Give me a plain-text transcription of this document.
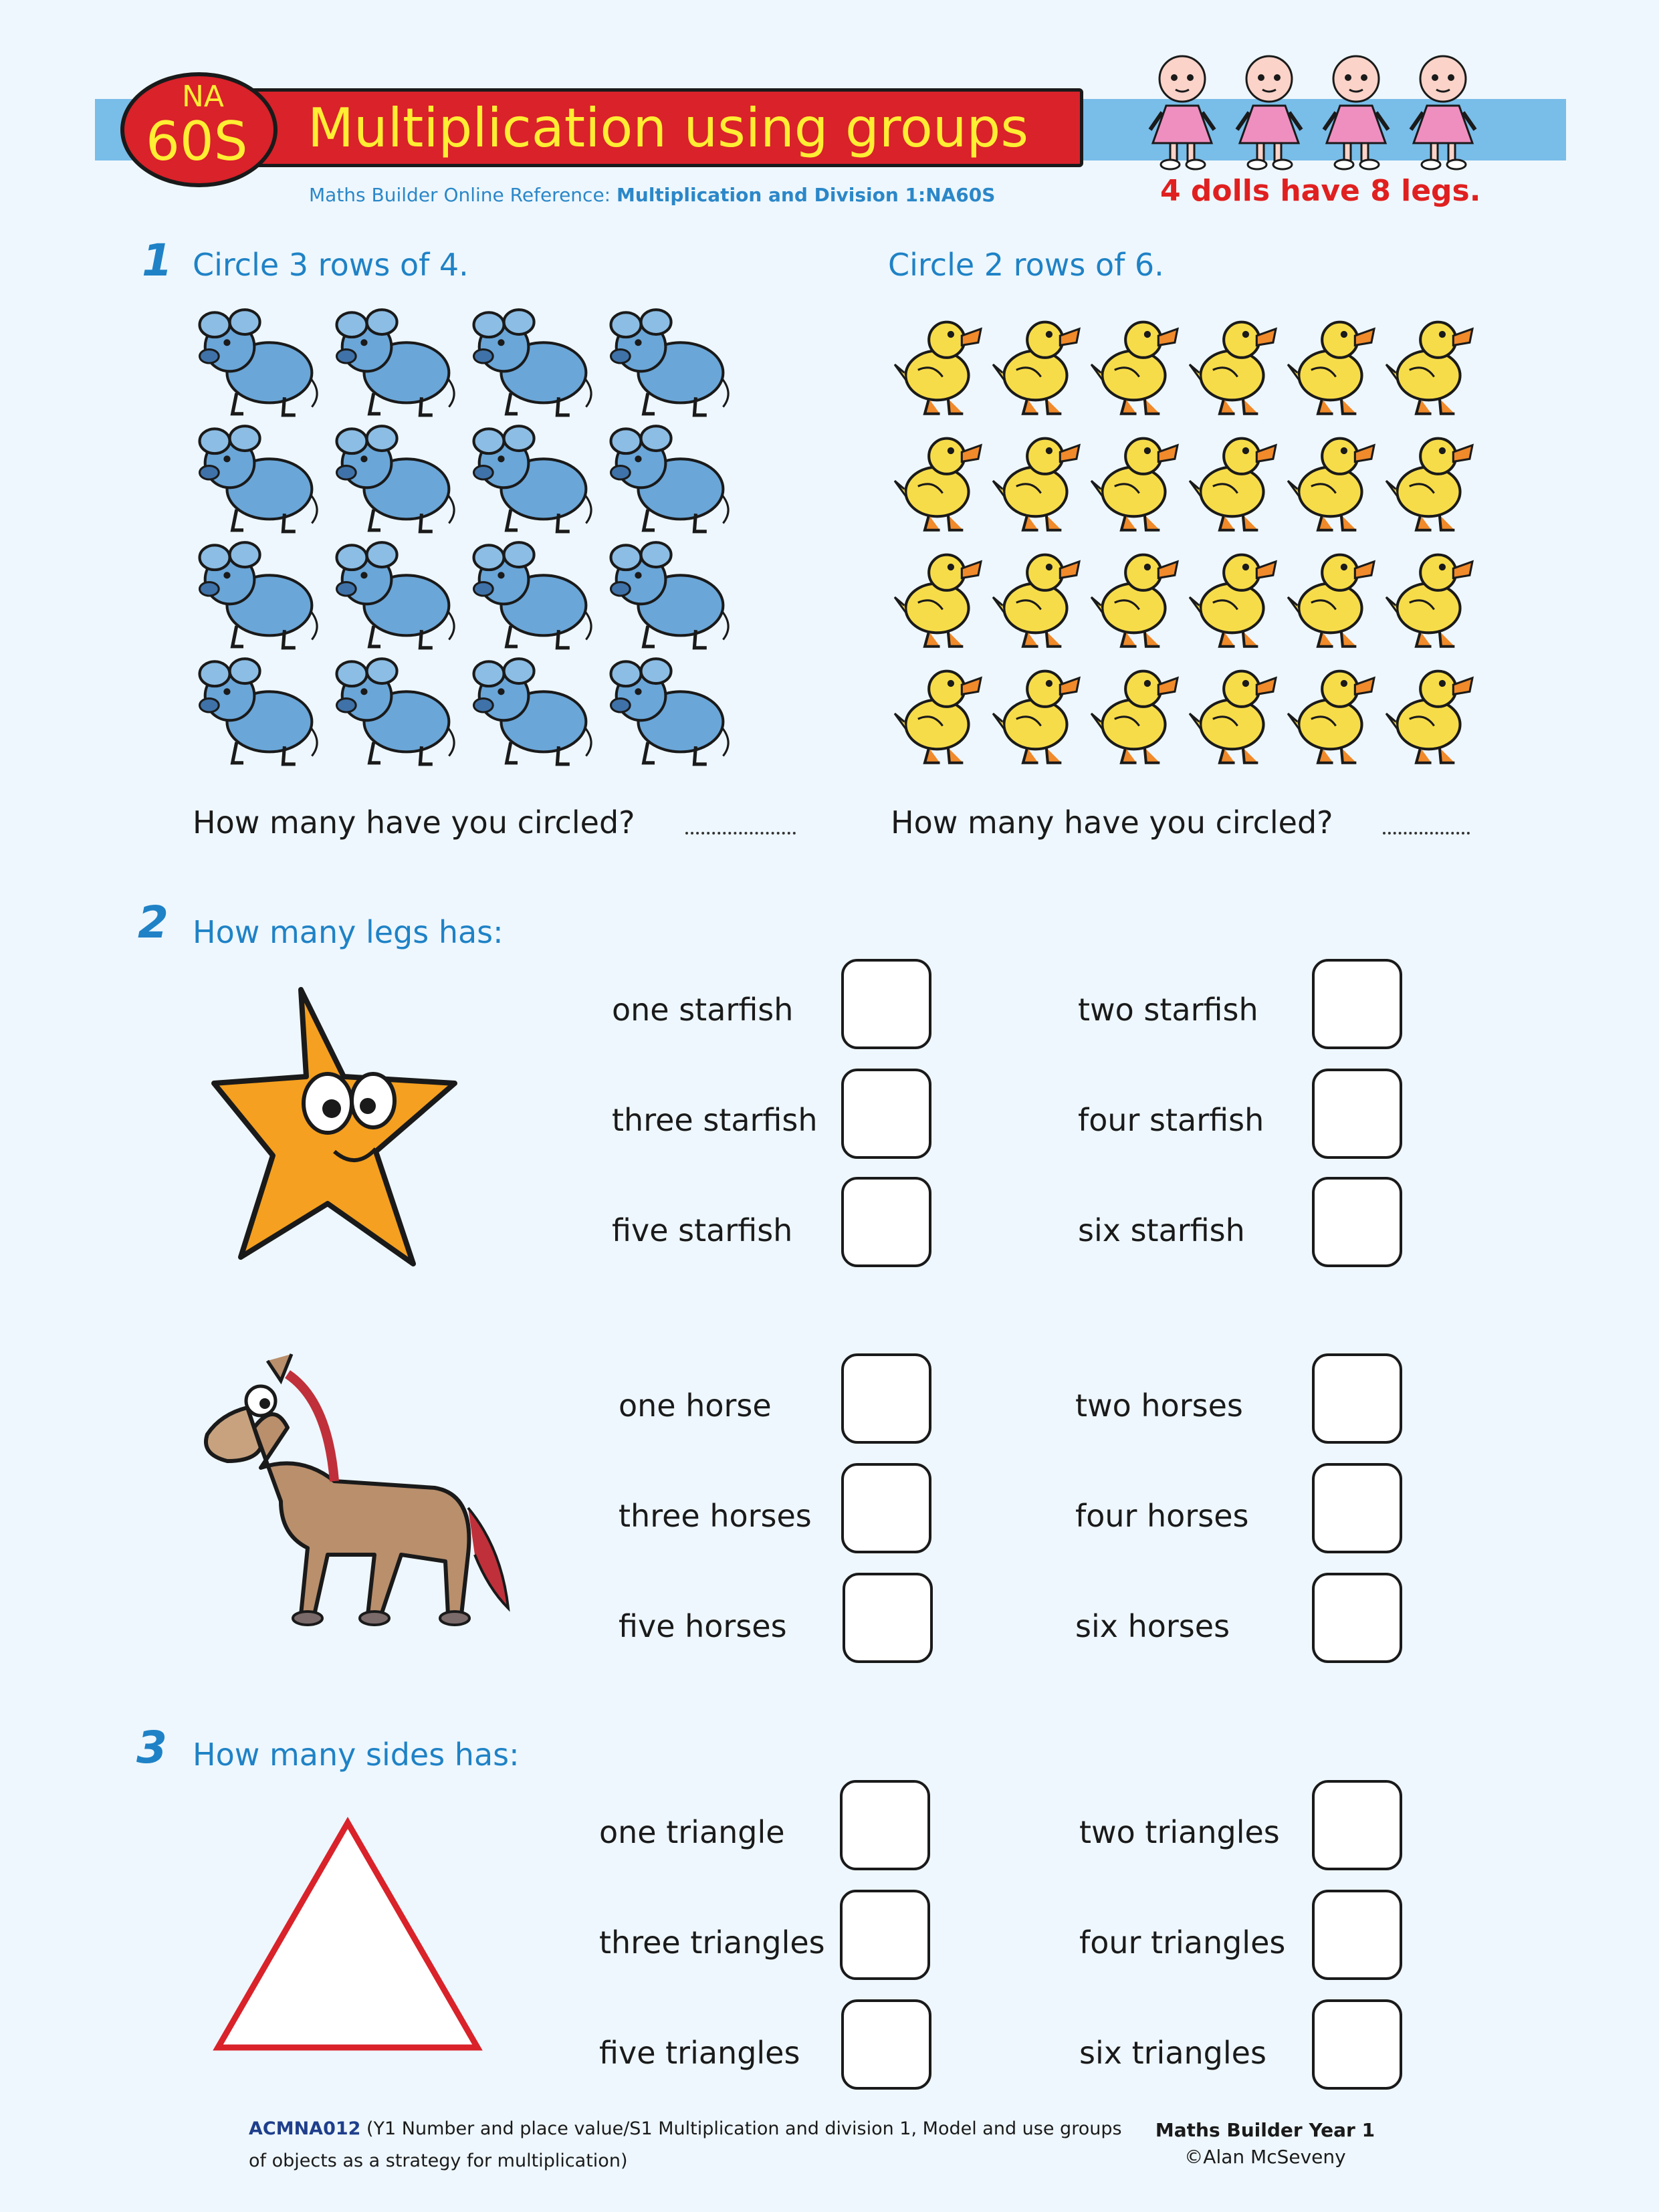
Multiplication using groups
NA
60S
Maths Builder Online Reference: Multiplication and Division 1:NA60S	4 dolls have 8 legs.
1 Circle 3 rows of 4.	Circle 2 rows of 6.
How many have you circled?	How many have you circled?
2 How many legs has:
one starfish	two starfish
three starfish	four starfish
five starfish	six starfish
one horse	two horses
three horses	four horses
five horses	six horses
3 How many sides has:
one triangle	two triangles
three triangles	four triangles
five triangles	six triangles
ACMNA012 (Y1 Number and place value/S1 Multiplication and division 1, Model and use groups of objects as a strategy for multiplication)
Maths Builder Year 1
©Alan McSeveny
